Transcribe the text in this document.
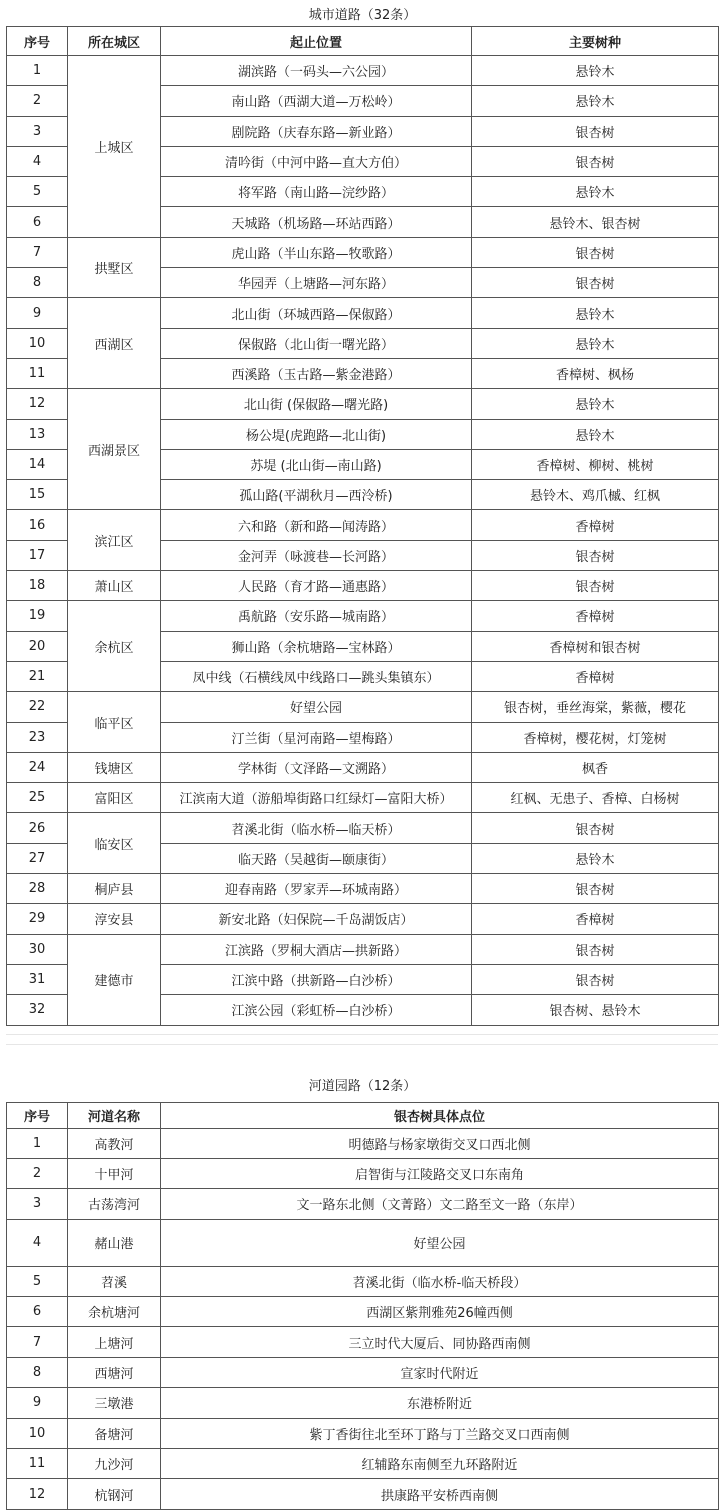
城市道路（32条）			
序号	所在城区	起止位置	主要树种
1	上城区	湖滨路（一码头—六公园）	悬铃木
2		南山路（西湖大道—万松岭）	悬铃木
3		剧院路（庆春东路—新业路）	银杏树
4		清吟街（中河中路—直大方伯）	银杏树
5		将军路（南山路—浣纱路）	悬铃木
6		天城路（机场路—环站西路）	悬铃木、银杏树
7	拱墅区	虎山路（半山东路—牧歌路）	银杏树
8		华园弄（上塘路—河东路）	银杏树
9	西湖区	北山街（环城西路—保俶路）	悬铃木
10		保俶路（北山街一曙光路）	悬铃木
11		西溪路（玉古路—紫金港路）	香樟树、枫杨
12	西湖景区	北山街 (保俶路—曙光路)	悬铃木
13		杨公堤(虎跑路—北山街)	悬铃木
14		苏堤 (北山街—南山路)	香樟树、柳树、桃树
15		孤山路(平湖秋月—西泠桥)	悬铃木、鸡爪槭、红枫
16	滨江区	六和路（新和路—闻涛路）	香樟树
17		金河弄（咏渡巷—长河路）	银杏树
18	萧山区	人民路（育才路—通惠路）	银杏树
19	余杭区	禹航路（安乐路—城南路）	香樟树
20		狮山路（余杭塘路—宝林路）	香樟树和银杏树
21		凤中线（石横线凤中线路口—跳头集镇东）	香樟树
22	临平区	好望公园	银杏树，垂丝海棠，紫薇，樱花
23		汀兰街（星河南路—望梅路）	香樟树，樱花树，灯笼树
24	钱塘区	学林街（文泽路—文溯路）	枫香
25	富阳区	江滨南大道（游船埠街路口红绿灯—富阳大桥）	红枫、无患子、香樟、白杨树
26	临安区	苕溪北街（临水桥—临天桥）	银杏树
27		临天路（吴越街—颐康街）	悬铃木
28	桐庐县	迎春南路（罗家弄—环城南路）	银杏树
29	淳安县	新安北路（妇保院—千岛湖饭店）	香樟树
30	建德市	江滨路（罗桐大酒店—拱新路）	银杏树
31		江滨中路（拱新路—白沙桥）	银杏树
32		江滨公园（彩虹桥—白沙桥）	银杏树、悬铃木
河道园路（12条）		
序号	河道名称	银杏树具体点位
1	高教河	明德路与杨家墩街交叉口西北侧
2	十甲河	启智街与江陵路交叉口东南角
3	古荡湾河	文一路东北侧（文菁路）文二路至文一路（东岸）
4	赭山港	好望公园
5	苕溪	苕溪北街（临水桥-临天桥段）
6	余杭塘河	西湖区紫荆雅苑26幢西侧
7	上塘河	三立时代大厦后、同协路西南侧
8	西塘河	宣家时代附近
9	三墩港	东港桥附近
10	备塘河	紫丁香街往北至环丁路与丁兰路交叉口西南侧
11	九沙河	红辅路东南侧至九环路附近
12	杭钢河	拱康路平安桥西南侧
